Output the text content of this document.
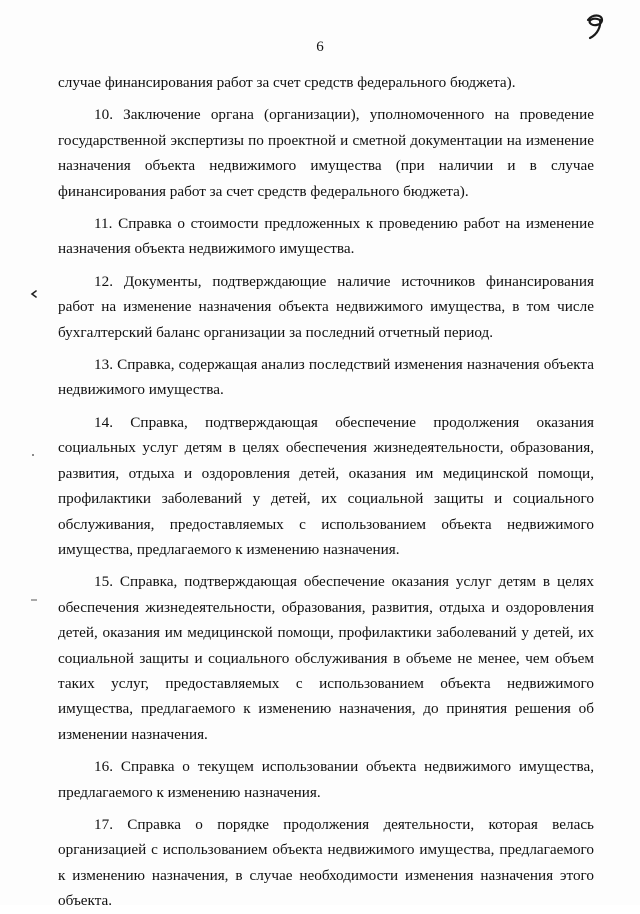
6

случае финансирования работ за счет средств федерального бюджета).

10. Заключение органа (организации), уполномоченного на проведение государственной экспертизы по проектной и сметной документации на изменение назначения объекта недвижимого имущества (при наличии и в случае финансирования работ за счет средств федерального бюджета).

11. Справка о стоимости предложенных к проведению работ на изменение назначения объекта недвижимого имущества.

12. Документы, подтверждающие наличие источников финансирования работ на изменение назначения объекта недвижимого имущества, в том числе бухгалтерский баланс организации за последний отчетный период.

13. Справка, содержащая анализ последствий изменения назначения объекта недвижимого имущества.

14. Справка, подтверждающая обеспечение продолжения оказания социальных услуг детям в целях обеспечения жизнедеятельности, образования, развития, отдыха и оздоровления детей, оказания им медицинской помощи, профилактики заболеваний у детей, их социальной защиты и социального обслуживания, предоставляемых с использованием объекта недвижимого имущества, предлагаемого к изменению назначения.

15. Справка, подтверждающая обеспечение оказания услуг детям в целях обеспечения жизнедеятельности, образования, развития, отдыха и оздоровления детей, оказания им медицинской помощи, профилактики заболеваний у детей, их социальной защиты и социального обслуживания в объеме не менее, чем объем таких услуг, предоставляемых с использованием объекта недвижимого имущества, предлагаемого к изменению назначения, до принятия решения об изменении назначения.

16. Справка о текущем использовании объекта недвижимого имущества, предлагаемого к изменению назначения.

17. Справка о порядке продолжения деятельности, которая велась организацией с использованием объекта недвижимого имущества, предлагаемого к изменению назначения, в случае необходимости изменения назначения этого объекта.
